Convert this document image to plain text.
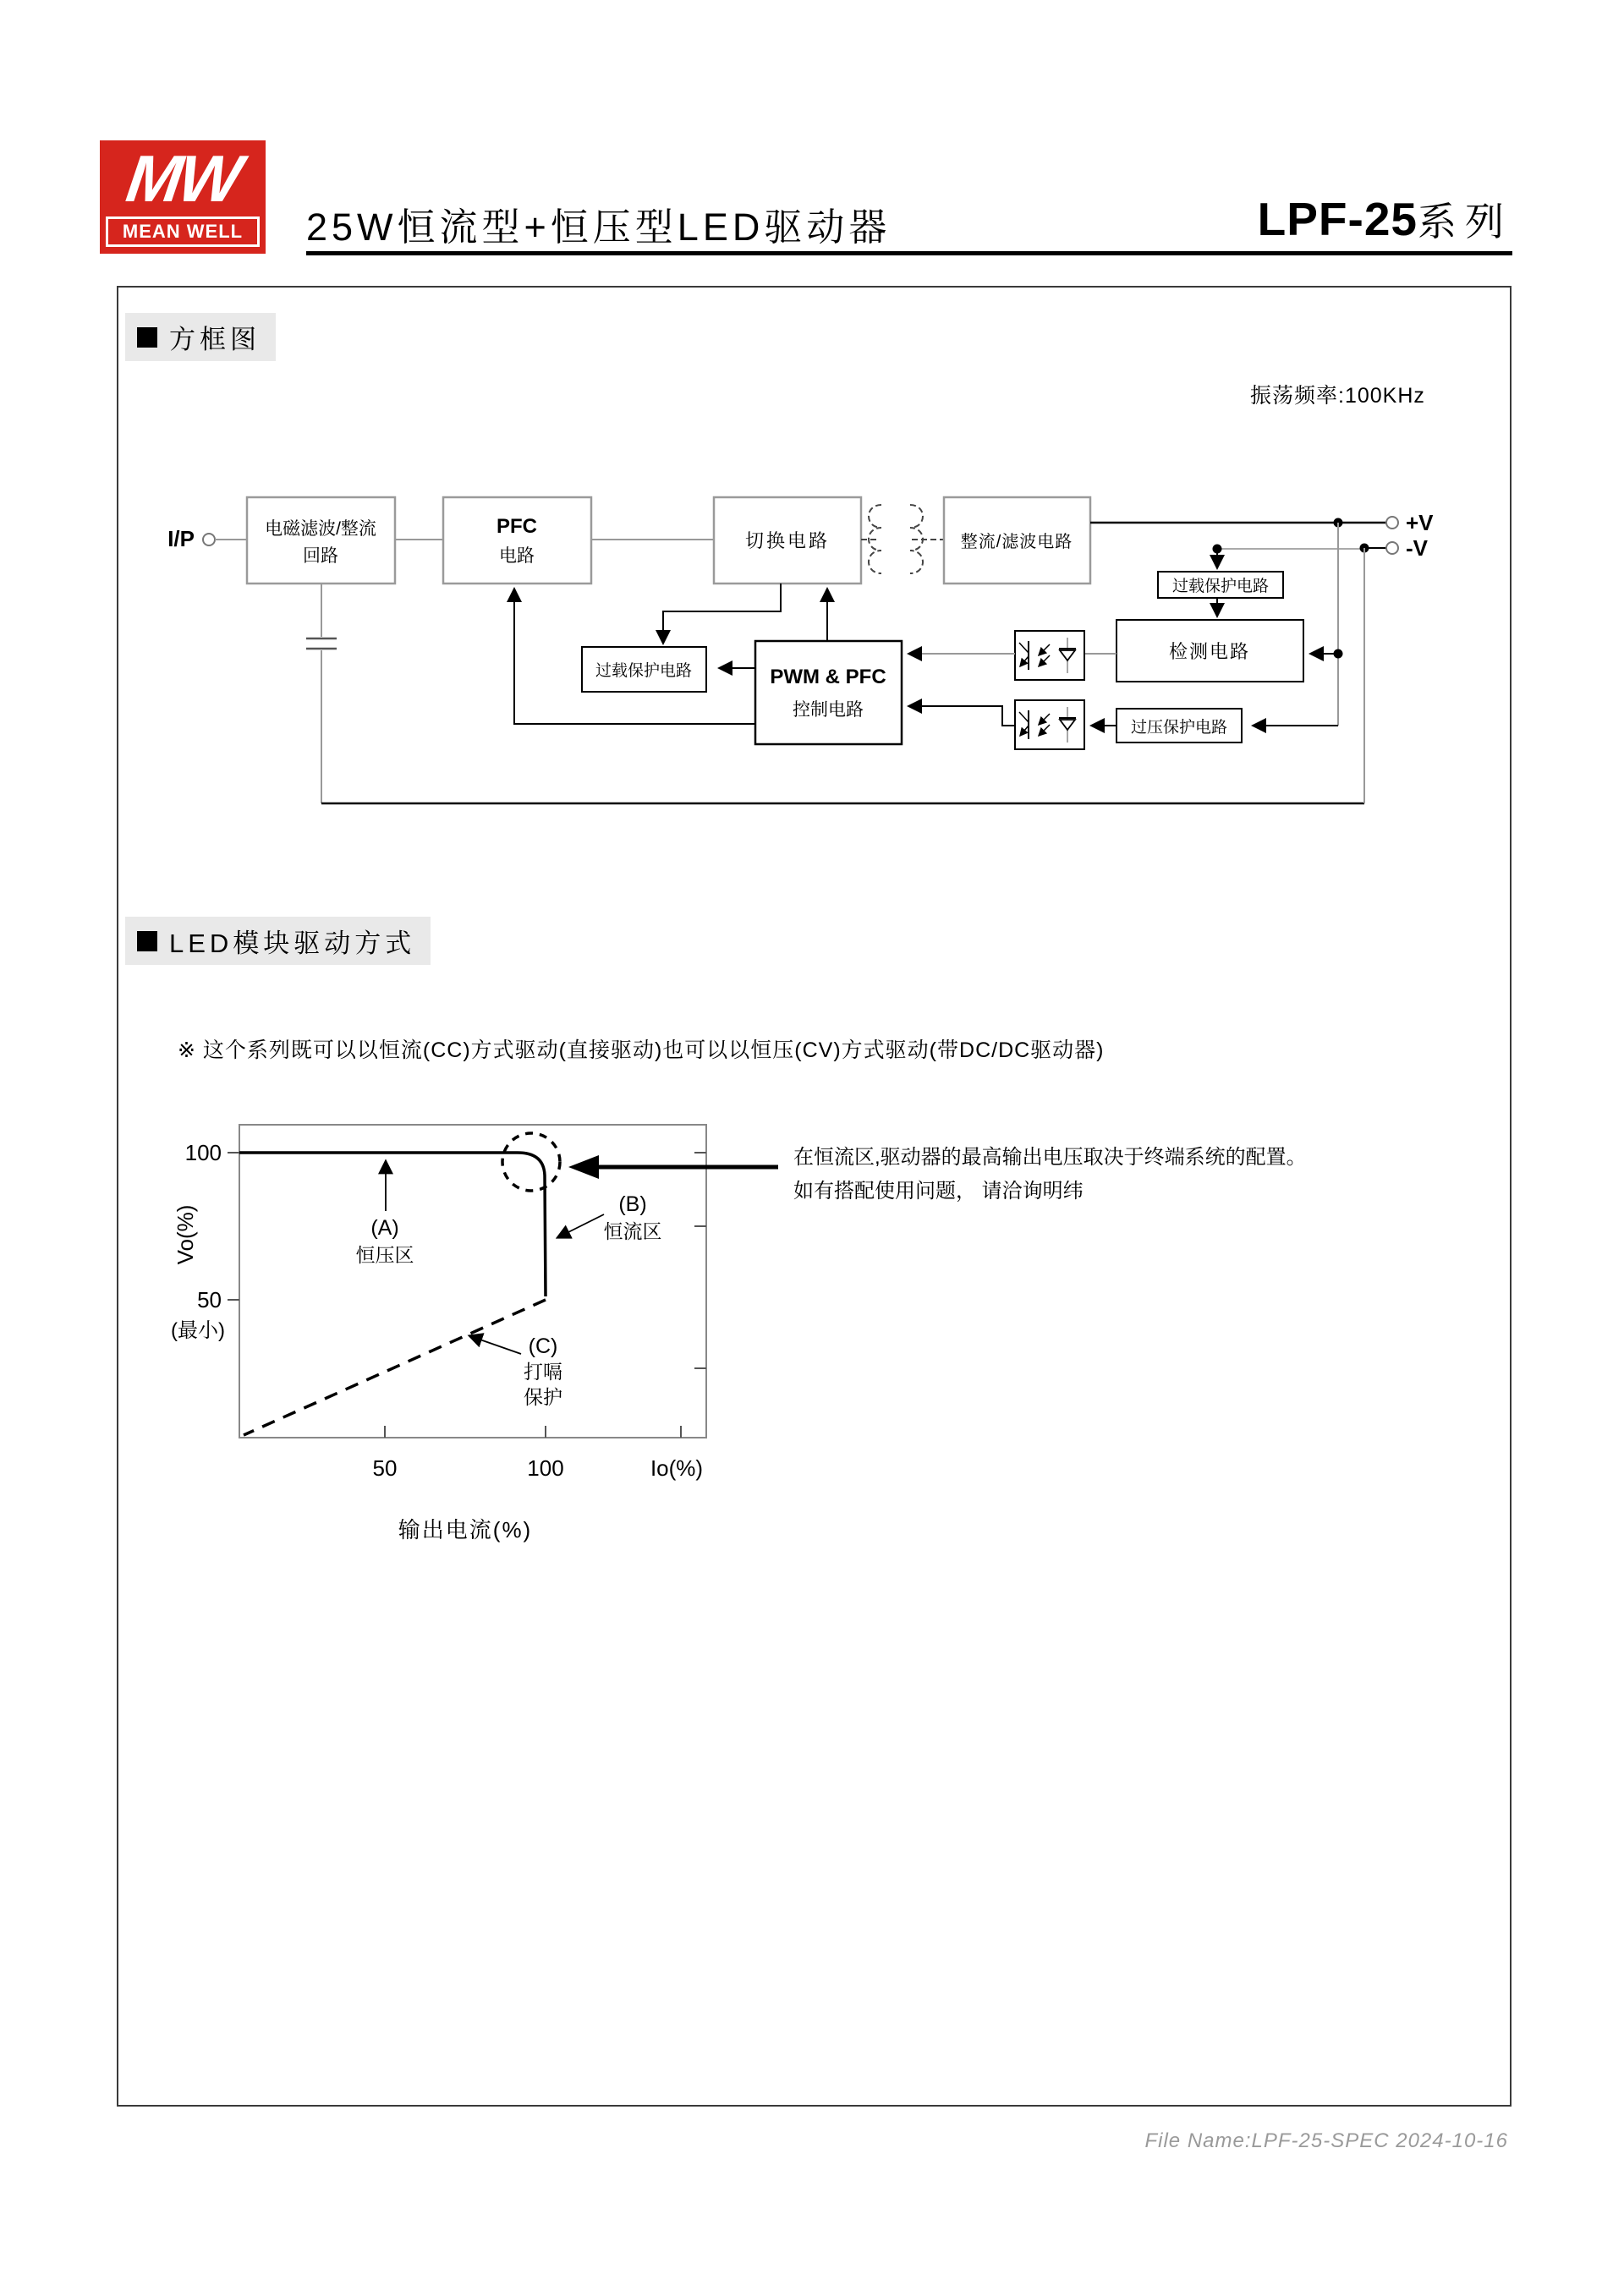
MW
MEAN WELL	25W恒流型+恒压型LED驱动器	LPF-25系列
方框图
振荡频率:100KHz
I/P	电磁滤波/整流
回路
PFC
电路
切换电路	整流/滤波电路
+V
-V
过载保护电路
检测电路
过压保护电路
PWM & PFC
控制电路
过载保护电路
LED模块驱动方式
※ 这个系列既可以以恒流(CC)方式驱动(直接驱动)也可以以恒压(CV)方式驱动(带DC/DC驱动器)
100
50
(最小)
Vo(%)
50	100	Io(%)
输出电流(%)
(A)
恒压区
(B)
恒流区
(C)
打嗝
保护
在恒流区,驱动器的最高输出电压取决于终端系统的配置。
如有搭配使用问题， 请洽询明纬
File Name:LPF-25-SPEC 2024-10-16
